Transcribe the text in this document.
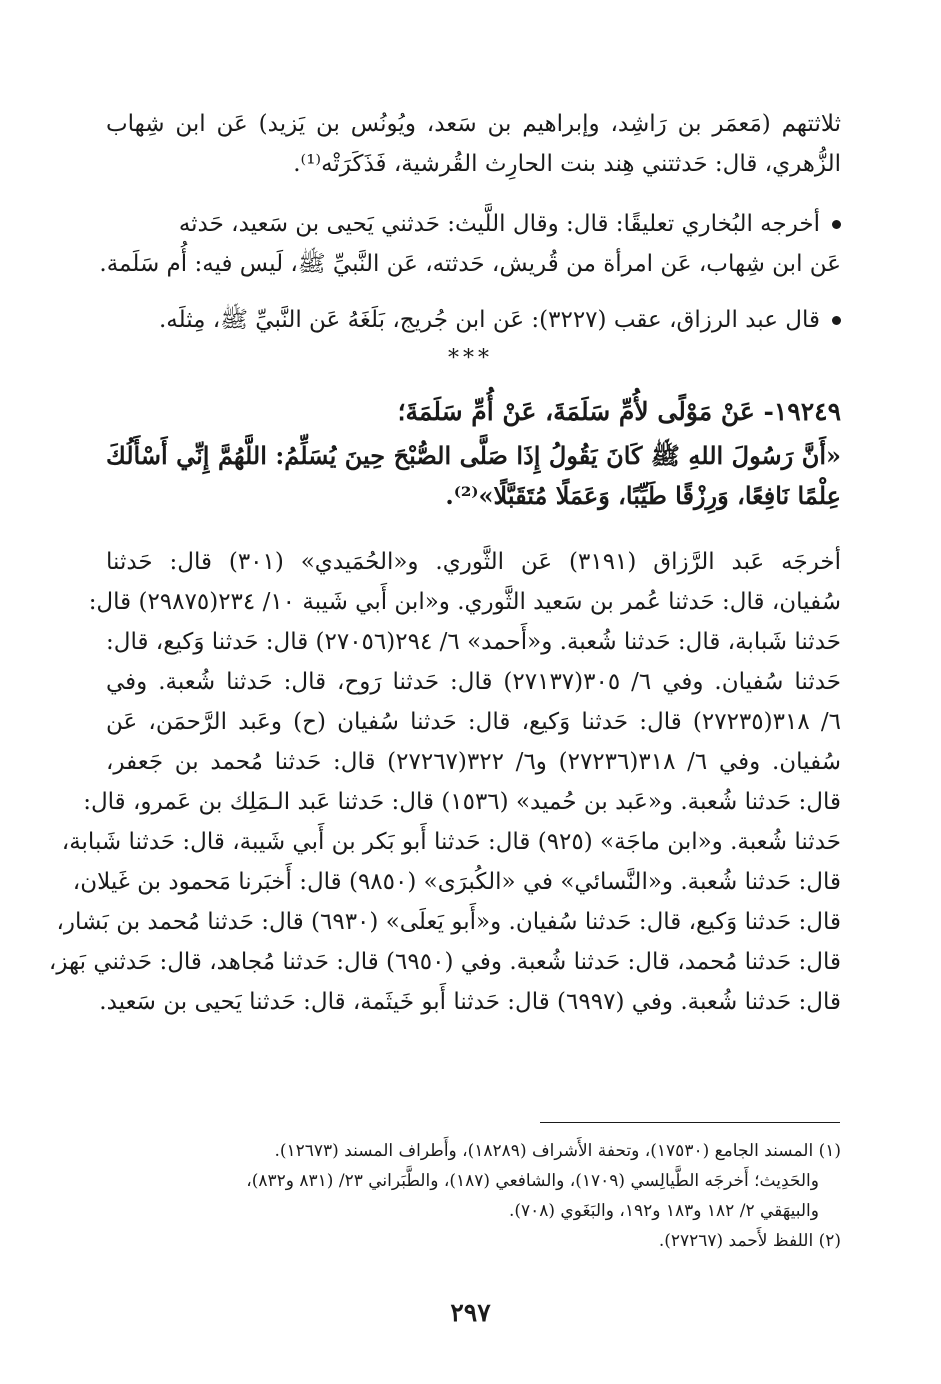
ثلاثتهم (مَعمَر بن رَاشِد، وإبراهيم بن سَعد، ويُونُس بن يَزيد) عَن ابن شِهاب
الزُّهري، قال: حَدثتني هِند بنت الحارِث القُرشية، فَذَكَرَتْه⁽¹⁾.
أخرجه البُخاري تعليقًا: قال: وقال اللَّيث: حَدثني يَحيى بن سَعيد، حَدثه
عَن ابن شِهاب، عَن امرأة من قُريش، حَدثته، عَن النَّبيِّ ﷺ، لَيس فيه: أُم سَلَمة.
قال عبد الرزاق، عقب (٣٢٢٧): عَن ابن جُريج، بَلَغَهُ عَن النَّبيِّ ﷺ، مِثلَه.
***
١٩٢٤٩- عَنْ مَوْلًى لأُمِّ سَلَمَةَ، عَنْ أُمِّ سَلَمَةَ؛
«أَنَّ رَسُولَ اللهِ ﷺ كَانَ يَقُولُ إِذَا صَلَّى الصُّبْحَ حِينَ يُسَلِّمُ: اللَّهُمَّ إِنِّي أَسْأَلُكَ
عِلْمًا نَافِعًا، وَرِزْقًا طَيِّبًا، وَعَمَلًا مُتَقَبَّلًا»⁽²⁾.
أخرجَه عَبد الرَّزاق (٣١٩١) عَن الثَّوري. و«الحُمَيدي» (٣٠١) قال: حَدثنا
سُفيان، قال: حَدثنا عُمر بن سَعيد الثَّوري. و«ابن أَبي شَيبة ١٠/ ٢٣٤(٢٩٨٧٥) قال:
حَدثنا شَبابة، قال: حَدثنا شُعبة. و«أَحمد» ٦/ ٢٩٤(٢٧٠٥٦) قال: حَدثنا وَكيع، قال:
حَدثنا سُفيان. وفي ٦/ ٣٠٥(٢٧١٣٧) قال: حَدثنا رَوح، قال: حَدثنا شُعبة. وفي
٦/ ٣١٨(٢٧٢٣٥) قال: حَدثنا وَكيع، قال: حَدثنا سُفيان (ح) وعَبد الرَّحمَن، عَن
سُفيان. وفي ٦/ ٣١٨(٢٧٢٣٦) و٦/ ٣٢٢(٢٧٢٦٧) قال: حَدثنا مُحمد بن جَعفر،
قال: حَدثنا شُعبة. و«عَبد بن حُميد» (١٥٣٦) قال: حَدثنا عَبد الـمَلِك بن عَمرو، قال:
حَدثنا شُعبة. و«ابن ماجَة» (٩٢٥) قال: حَدثنا أَبو بَكر بن أَبي شَيبة، قال: حَدثنا شَبابة،
قال: حَدثنا شُعبة. و«النَّسائي» في «الكُبرَى» (٩٨٥٠) قال: أَخبَرنا مَحمود بن غَيلان،
قال: حَدثنا وَكيع، قال: حَدثنا سُفيان. و«أَبو يَعلَى» (٦٩٣٠) قال: حَدثنا مُحمد بن بَشار،
قال: حَدثنا مُحمد، قال: حَدثنا شُعبة. وفي (٦٩٥٠) قال: حَدثنا مُجاهد، قال: حَدثني بَهز،
قال: حَدثنا شُعبة. وفي (٦٩٩٧) قال: حَدثنا أَبو خَيثَمة، قال: حَدثنا يَحيى بن سَعيد.
(١) المسند الجامع (١٧٥٣٠)، وتحفة الأَشراف (١٨٢٨٩)، وأَطراف المسند (١٢٦٧٣).
والحَدِيث؛ أَخرجَه الطَّيالِسي (١٧٠٩)، والشافعي (١٨٧)، والطَّبَراني ٢٣/ (٨٣١ و٨٣٢)،
والبيهَقي ٢/ ١٨٢ و١٨٣ و١٩٢، والبَغَوي (٧٠٨).
(٢) اللفظ لأَحمد (٢٧٢٦٧).
٢٩٧
